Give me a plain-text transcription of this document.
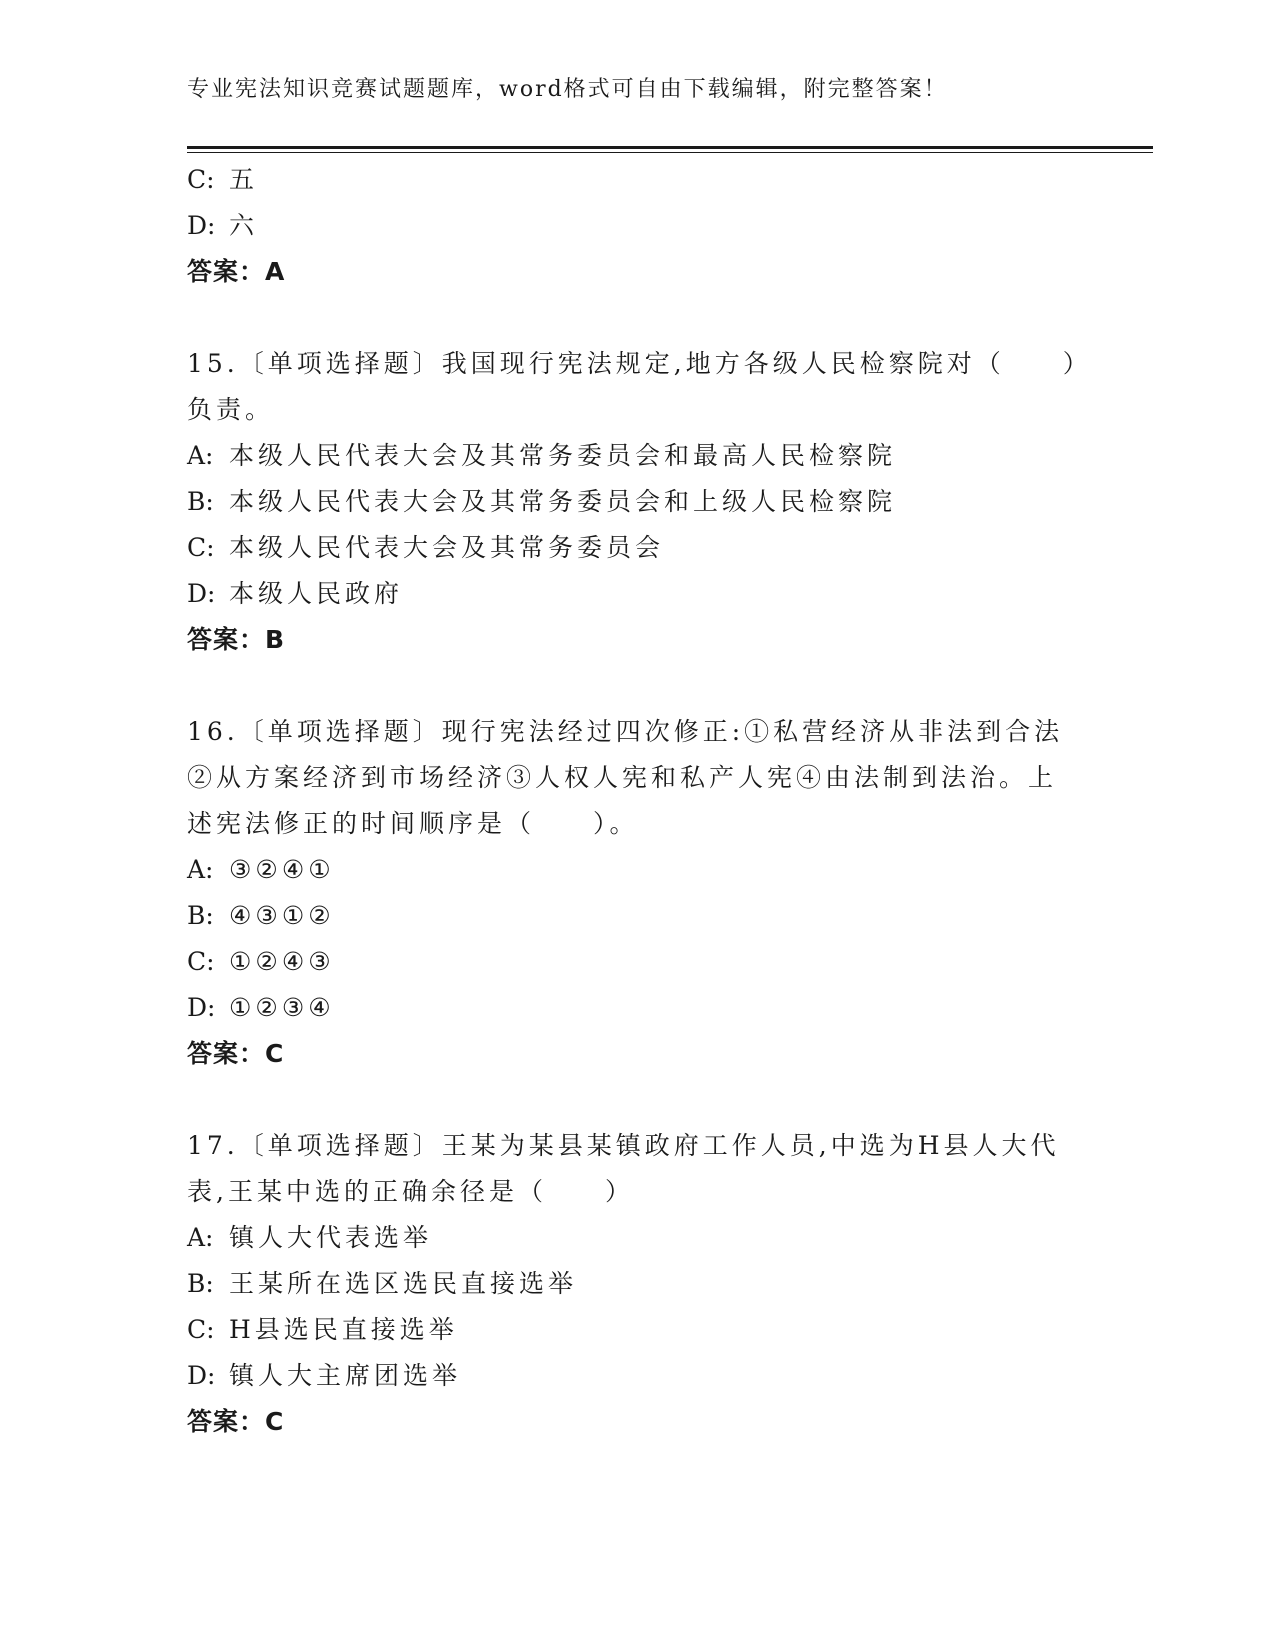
专业宪法知识竞赛试题题库，word格式可自由下载编辑，附完整答案！
C: 五
D: 六
答案：A
15.〔单项选择题〕我国现行宪法规定,地方各级人民检察院对（　　）
负责。
A: 本级人民代表大会及其常务委员会和最高人民检察院
B: 本级人民代表大会及其常务委员会和上级人民检察院
C: 本级人民代表大会及其常务委员会
D: 本级人民政府
答案：B
16.〔单项选择题〕现行宪法经过四次修正:①私营经济从非法到合法
②从方案经济到市场经济③人权人宪和私产人宪④由法制到法治。上
述宪法修正的时间顺序是（　　）。
A: ③②④①
B: ④③①②
C: ①②④③
D: ①②③④
答案：C
17.〔单项选择题〕王某为某县某镇政府工作人员,中选为H县人大代
表,王某中选的正确余径是（　　）
A: 镇人大代表选举
B: 王某所在选区选民直接选举
C: H县选民直接选举
D: 镇人大主席团选举
答案：C
